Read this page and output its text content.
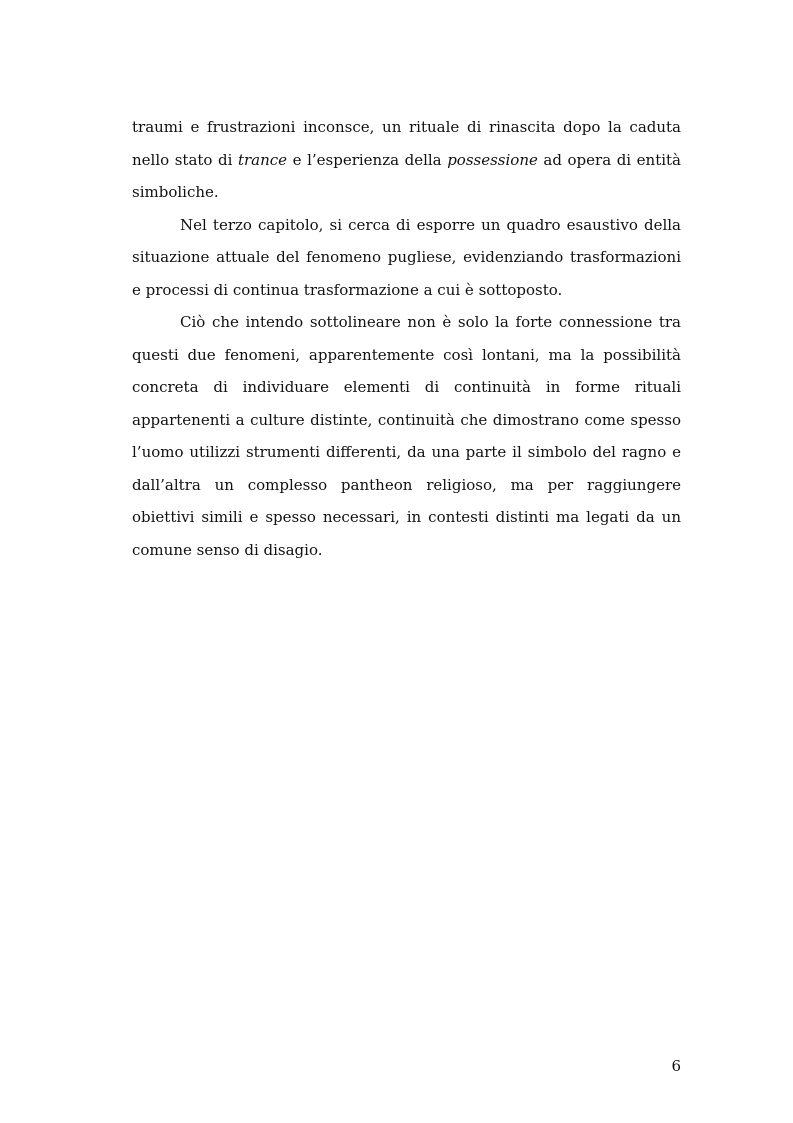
traumi e frustrazioni inconsce, un rituale di rinascita dopo la caduta nello stato di trance e l’esperienza della possessione ad opera di entità simboliche.

Nel terzo capitolo, si cerca di esporre un quadro esaustivo della situazione attuale del fenomeno pugliese, evidenziando trasformazioni e processi di continua trasformazione a cui è sottoposto.

Ciò che intendo sottolineare non è solo la forte connessione tra questi due fenomeni, apparentemente così lontani, ma la possibilità concreta di individuare elementi di continuità in forme rituali appartenenti a culture distinte, continuità che dimostrano come spesso l’uomo utilizzi strumenti differenti, da una parte il simbolo del ragno e dall’altra un complesso pantheon religioso, ma per raggiungere obiettivi simili e spesso necessari, in contesti distinti ma legati da un comune senso di disagio.

6
